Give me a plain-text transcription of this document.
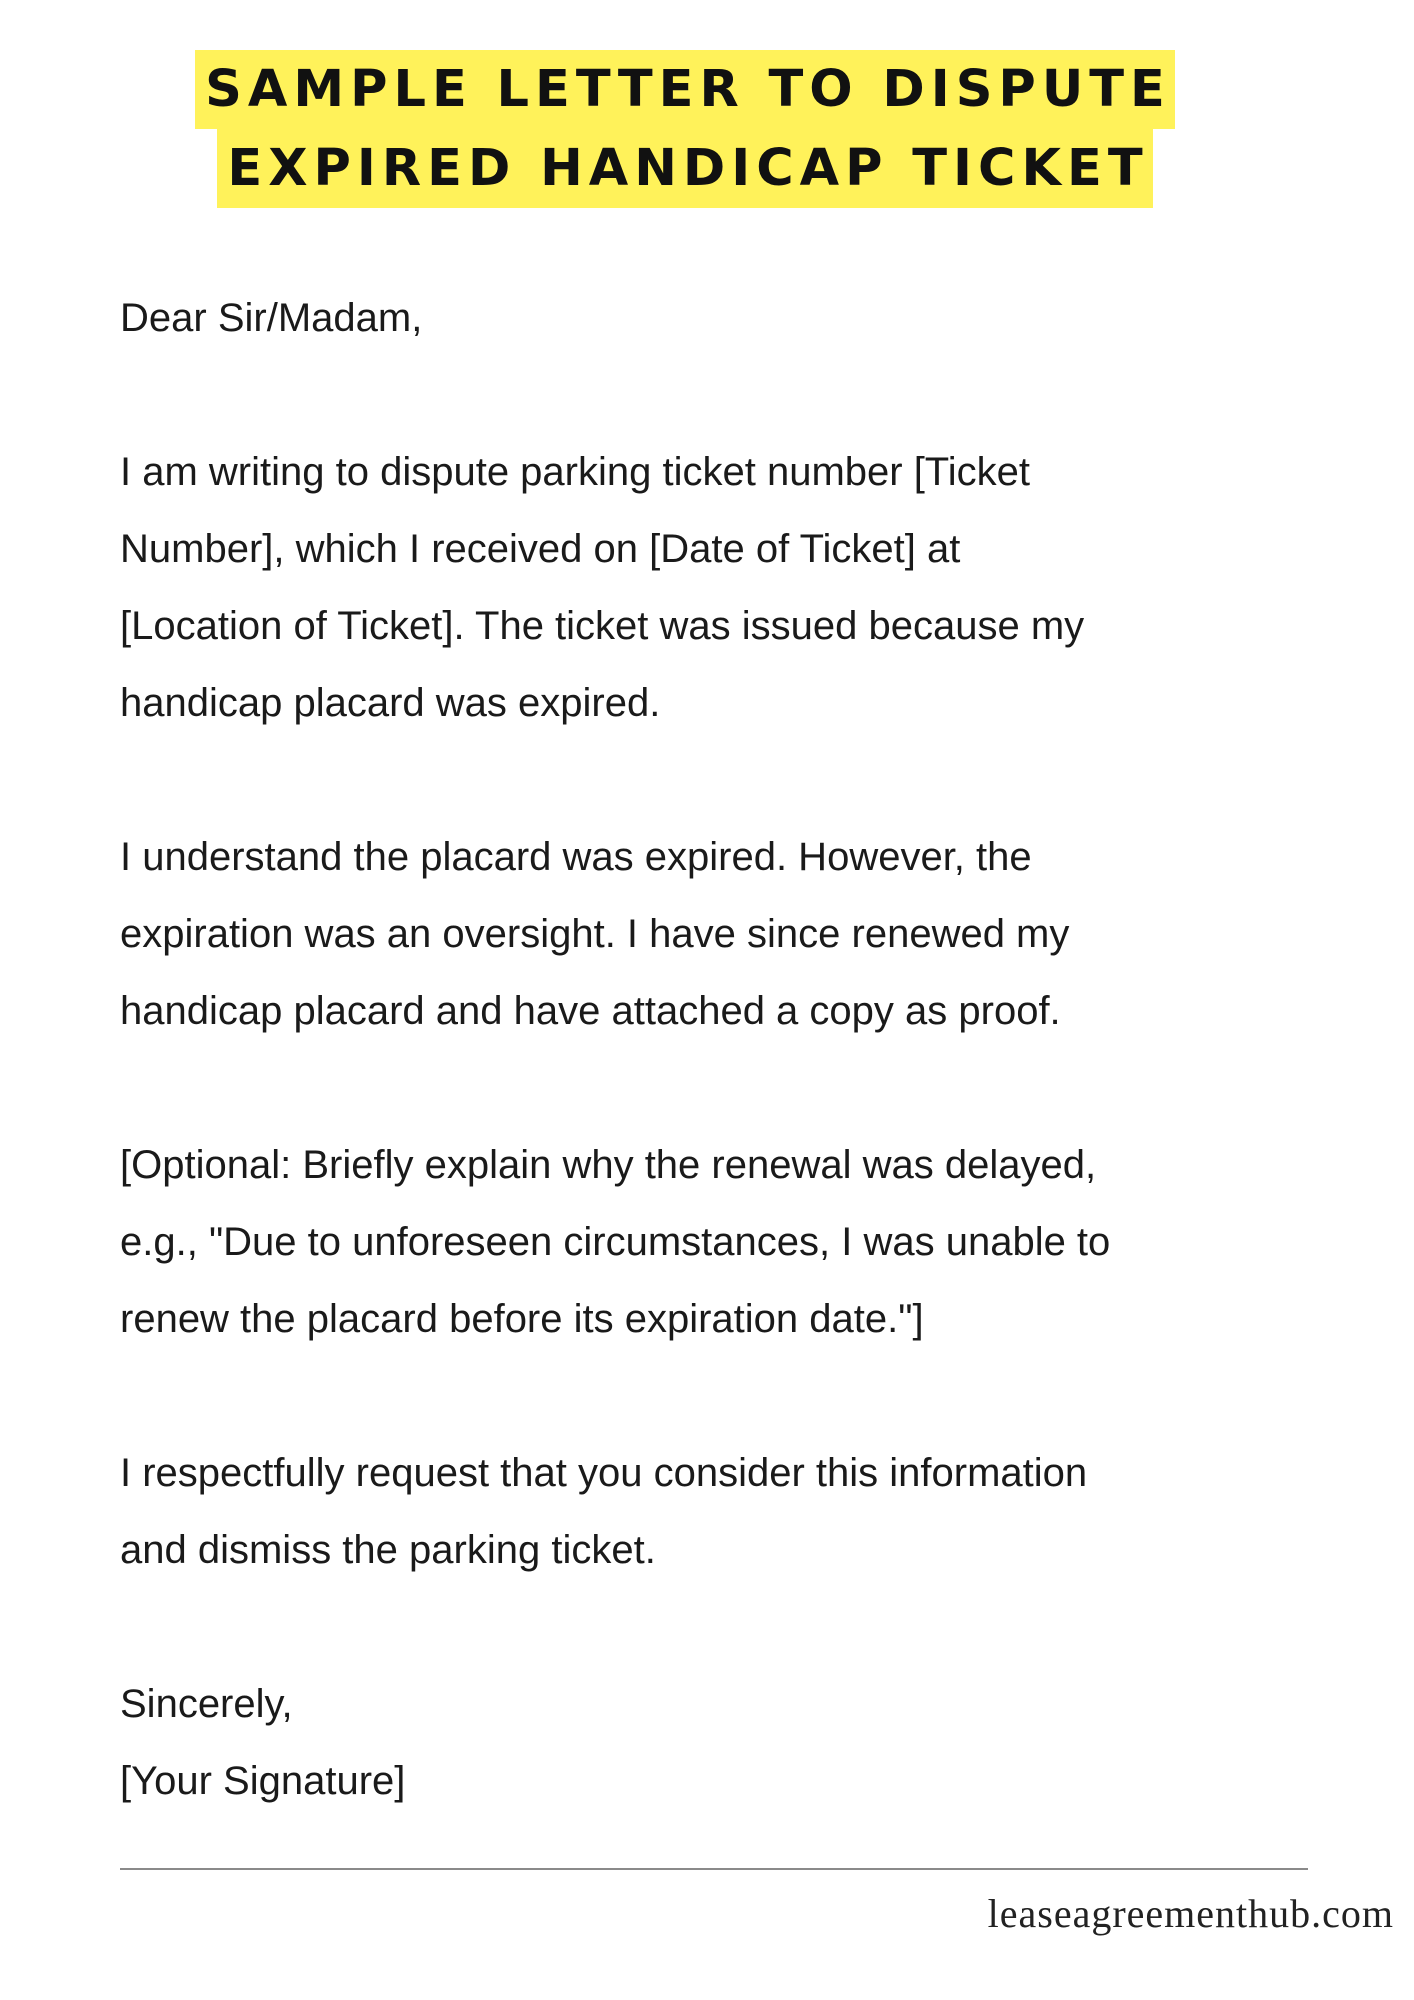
SAMPLE LETTER TO DISPUTE
EXPIRED HANDICAP TICKET

Dear Sir/Madam,

I am writing to dispute parking ticket number [Ticket

Number], which I received on [Date of Ticket] at

[Location of Ticket]. The ticket was issued because my

handicap placard was expired.

I understand the placard was expired. However, the

expiration was an oversight. I have since renewed my

handicap placard and have attached a copy as proof.

[Optional: Briefly explain why the renewal was delayed,

e.g., "Due to unforeseen circumstances, I was unable to

renew the placard before its expiration date."]

I respectfully request that you consider this information

and dismiss the parking ticket.

Sincerely,

[Your Signature]

leaseagreementhub.com
